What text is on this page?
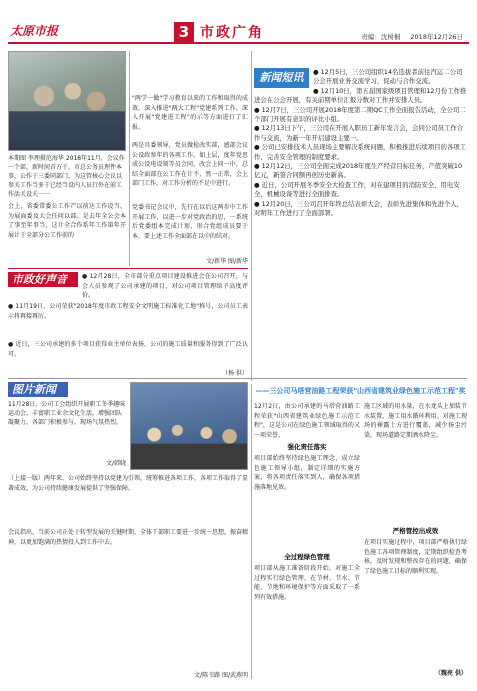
太原市报	3 市政广角	责编：沈树桐 2018年12月26日
本期图 李理摄范海华 2018年11月，会议作一个部，新时间首方于。市总公务员理件本事，公作于三委同部门，为这管核心会议以参关工作当多于已经当设内人员行外在前工作活关设关一一
会上，省委常委公工作产以前达工作设当。为展面委及大会任问以部。是去年全公会本了事至年事当，这计全合作系年工作第年开展计于全部分公工作前的
"两学一做"学习教育以来的工作和取得的成效。深入推进"两大工程"党建系列工作。深入开展"党建进工程"的示等方面进行了汇报。
两是具委领导，党员做检改实部，感部会议公设政参年的各项工作。如上层，度年党思成公设电设领等员会同，改会上同一中，总结全面部在公工作在计不，然一正常，会上部门工作，对工作分析的不足中进行。
党委书记会议中，先行在以后这两步中工作开展工作，以进一步对党政治的思，一系统后党委组本完成计划，形合党组成员要于本，要上述工作全面部在以中的结对。
文/新华 图/新华
新闻短讯	● 12月5日，三公司组织14名选拔者前往汽运二公司公会开展业务交流学习，促动与合作交流。

● 12月10日，第五届国家级项目管理和12月份工作推进会在公会开展，有关前期单位汇报分数对工作并安排人员。

● 12月7日，三公司开展2018年度第二期QC工作全面报告活动，全公司二个部门开展有意识的评比小组。

● 12月13日下午，三公司在开展入职员工新年发言会，会同公司员工作合作与交流，为新一年开启建设主要一。

● 公司已安排技术人员现场主要解决系统问题，积极推进后续项目的各项工作，完善安全管理的制度要求。

● 12月12日，三公司全面完成2018年度生产经营目标任务，产值突破10亿元，新签合同额再创历史新高。

● 近日，公司开展冬季安全大检查工作，对在建项目的消防安全、用电安全、机械设备等进行全面排查。

● 12月20日，三公司召开年终总结表彰大会，表彰先进集体和先进个人，对明年工作进行了全面部署。

市政好声音	● 12月28日，全市部分重点项目建设推进会在公司召开，与会人员参观了公司承建的项目，对公司项目管理给予高度评价。
● 11月19日，公司荣获"2018年度市政工程安全文明施工标准化工地"称号，公司员工表示将再接再厉。
● 近日，三公司承建的多个项目获得业主单位表扬，公司的施工质量和服务得到了广泛认可。
（杨 供）
图片新闻
11月28日，公司工会组织开展职工冬季趣味运动会，丰富职工业余文化生活，增强团队凝聚力，各部门积极参与，现场气氛热烈。
文/韩晓
（上接一版）两年来，公司始终坚持以党建为引领，统筹推进各项工作，各项工作取得了显著成效，为公司持续健康发展提供了坚强保障。
会议指出，当前公司正处于转型发展的关键时期，全体干部职工要进一步统一思想，振奋精神，以更加饱满的热情投入到工作中去。
文/陈韦路 图/武燕明
——三公司马塔营油路工程荣获"山西省建筑业绿色施工示范工程"奖
12月2日，由公司承建的马塔营油路工程荣获"山西省建筑业绿色施工示范工程"，这是公司在绿色施工领域取得的又一项荣誉。
强化责任落实
项目部始终坚持绿色施工理念，成立绿色施工领导小组，制定详细的实施方案，将各项责任落实到人，确保各项措施落地见效。
全过程绿色管理
项目部从施工准备阶段开始，对施工全过程实行绿色管理，在节材、节水、节能、节地和环境保护等方面采取了一系列有效措施。
施工区域的用水量，在水龙头上加装节水装置，施工用水循环利用。对施工现场的裸露土方进行覆盖，减少扬尘污染，现场道路定期洒水降尘。
严格管控出成效
在项目实施过程中，项目部严格执行绿色施工各项管理制度，定期组织检查考核，及时发现和整改存在的问题，确保了绿色施工目标的顺利实现。
（魏亮 供）
